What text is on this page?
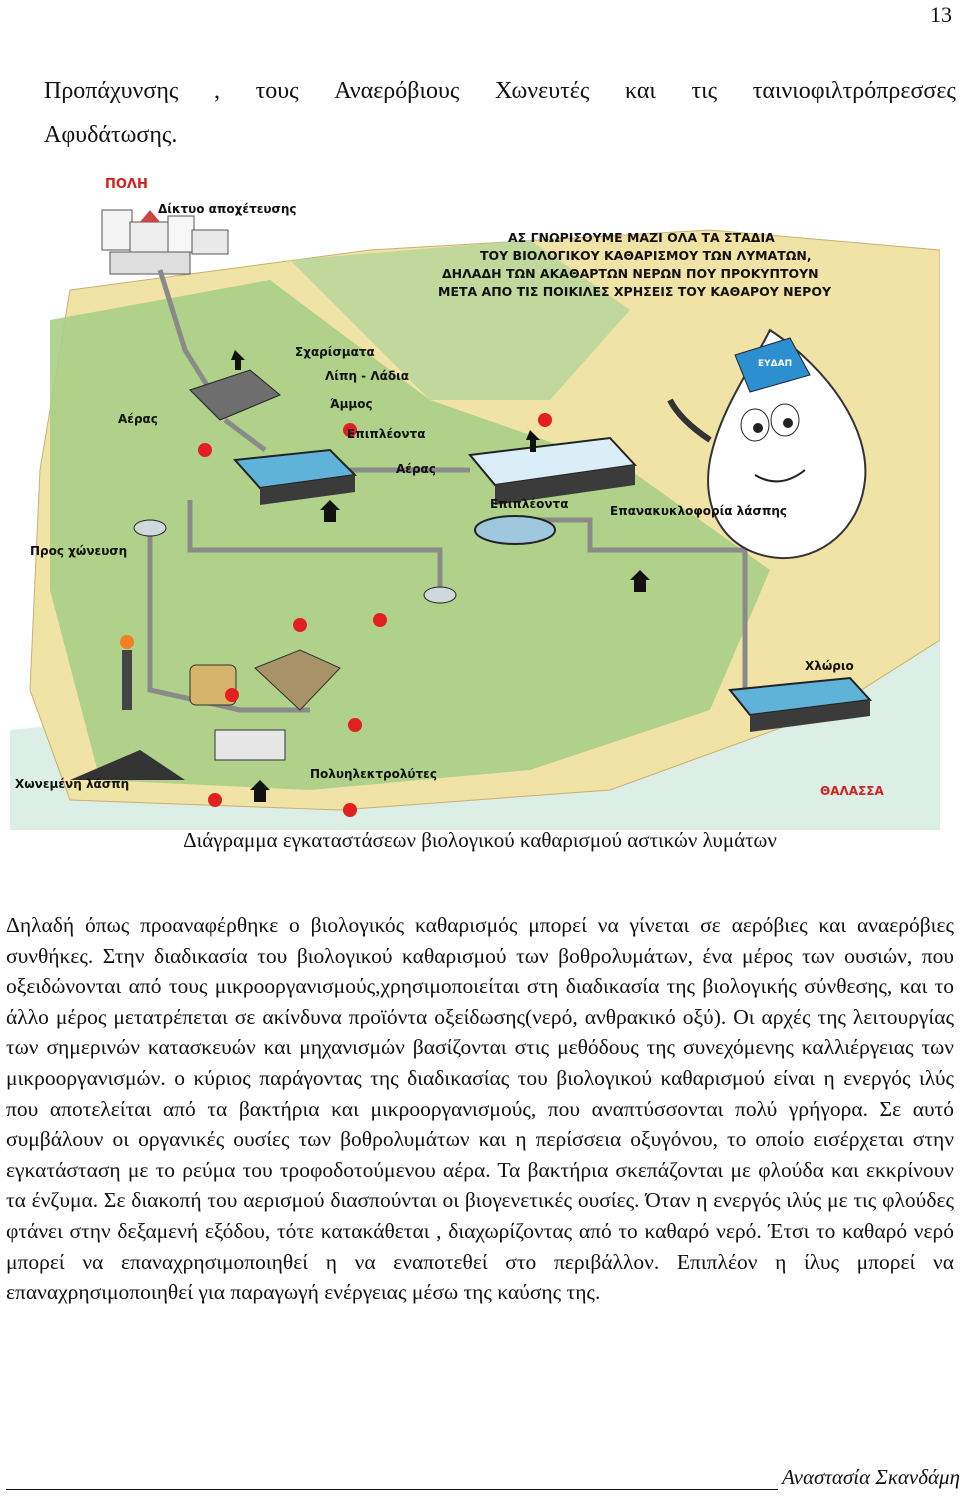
13
Προπάχυνσης , τους Αναερόβιους Χωνευτές και τις ταινιοφιλτρόπρεσσες
Αφυδάτωσης.
ΠΟΛΗ
Δίκτυο αποχέτευσης
Σχαρίσματα
Λίπη - Λάδια
Άμμος
Αέρας
Επιπλέοντα
Αέρας
Επιπλέοντα	Επανακυκλοφορία λάσπης
Προς χώνευση
Χλώριο
Χωνεμένη λάσπη
Πολυηλεκτρολύτες
ΘΑΛΑΣΣΑ
ΕΥΔΑΠ
ΑΣ ΓΝΩΡΙΣΟΥΜΕ ΜΑΖΙ ΟΛΑ ΤΑ ΣΤΑΔΙΑ
ΤΟΥ ΒΙΟΛΟΓΙΚΟΥ ΚΑΘΑΡΙΣΜΟΥ ΤΩΝ ΛΥΜΑΤΩΝ,
ΔΗΛΑΔΗ ΤΩΝ ΑΚΑΘΑΡΤΩΝ ΝΕΡΩΝ ΠΟΥ ΠΡΟΚΥΠΤΟΥΝ
ΜΕΤΑ ΑΠΟ ΤΙΣ ΠΟΙΚΙΛΕΣ ΧΡΗΣΕΙΣ ΤΟΥ ΚΑΘΑΡΟΥ ΝΕΡΟΥ
Διάγραμμα εγκαταστάσεων βιολογικού καθαρισμού αστικών λυμάτων
Δηλαδή όπως προαναφέρθηκε ο βιολογικός καθαρισμός μπορεί να γίνεται σε αερόβιες και αναερόβιες συνθήκες. Στην διαδικασία του βιολογικού καθαρισμού των βοθρολυμάτων, ένα μέρος των ουσιών, που οξειδώνονται από τους μικροοργανισμούς,χρησιμοποιείται στη διαδικασία της βιολογικής σύνθεσης, και το άλλο μέρος μετατρέπεται σε ακίνδυνα προϊόντα οξείδωσης(νερό, ανθρακικό οξύ). Οι αρχές της λειτουργίας των σημερινών κατασκευών και μηχανισμών βασίζονται στις μεθόδους της συνεχόμενης καλλιέργειας των μικροοργανισμών. ο κύριος παράγοντας της διαδικασίας του βιολογικού καθαρισμού είναι η ενεργός ιλύς που αποτελείται από τα βακτήρια και μικροοργανισμούς, που αναπτύσσονται πολύ γρήγορα. Σε αυτό συμβάλουν οι οργανικές ουσίες των βοθρολυμάτων και η περίσσεια οξυγόνου, το οποίο εισέρχεται στην εγκατάσταση με το ρεύμα του τροφοδοτούμενου αέρα. Τα βακτήρια σκεπάζονται με φλούδα και εκκρίνουν τα ένζυμα. Σε διακοπή του αερισμού διασπούνται οι βιογενετικές ουσίες. Όταν η ενεργός ιλύς με τις φλούδες φτάνει στην δεξαμενή εξόδου, τότε κατακάθεται , διαχωρίζοντας από το καθαρό νερό. Έτσι το καθαρό νερό μπορεί να επαναχρησιμοποιηθεί η να εναποτεθεί στο περιβάλλον. Επιπλέον η ίλυς μπορεί να επαναχρησιμοποιηθεί για παραγωγή ενέργειας μέσω της καύσης της.
Αναστασία Σκανδάμη
